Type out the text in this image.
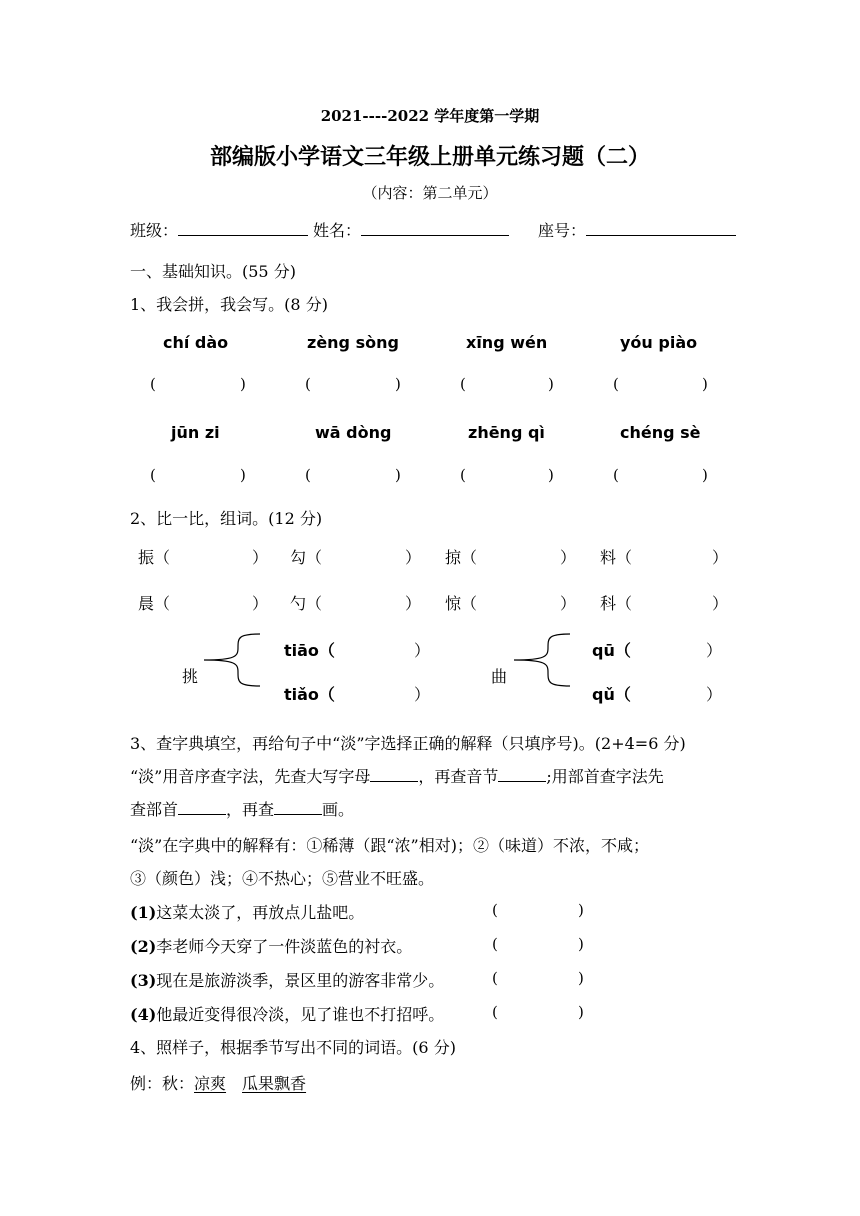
2021----2022 学年度第一学期
部编版小学语文三年级上册单元练习题（二）
（内容：第二单元）
班级：	姓名：	座号：
一、基础知识。(55 分)
1、我会拼，我会写。(8 分)
chí dào	zèng sòng	xīng wén	yóu piào
(	)	(	)	(	)	(	)
jūn zi	wā dòng	zhēng qì	chéng sè
(	)	(	)	(	)	(	)
2、比一比，组词。(12 分)
振（	） 勾（	） 掠（	） 料（	）
晨（	） 勺（	） 惊（	） 科（	）
挑
tiāo（	）
tiǎo（	）
曲
qū（	）
qǔ（	）
3、查字典填空，再给句子中“淡”字选择正确的解释（只填序号)。(2+4=6 分)
“淡”用音序查字法，先查大写字母	，再查音节	;用部首查字法先
查部首	，再查	画。
“淡”在字典中的解释有：①稀薄（跟“浓”相对)；②（味道）不浓，不咸；
③（颜色）浅；④不热心；⑤营业不旺盛。
(1)这菜太淡了，再放点儿盐吧。	(	)
(2)李老师今天穿了一件淡蓝色的衬衣。	(	)
(3)现在是旅游淡季，景区里的游客非常少。	(	)
(4)他最近变得很冷淡，见了谁也不打招呼。	(	)
4、照样子，根据季节写出不同的词语。(6 分)
例：秋：凉爽 瓜果飘香
